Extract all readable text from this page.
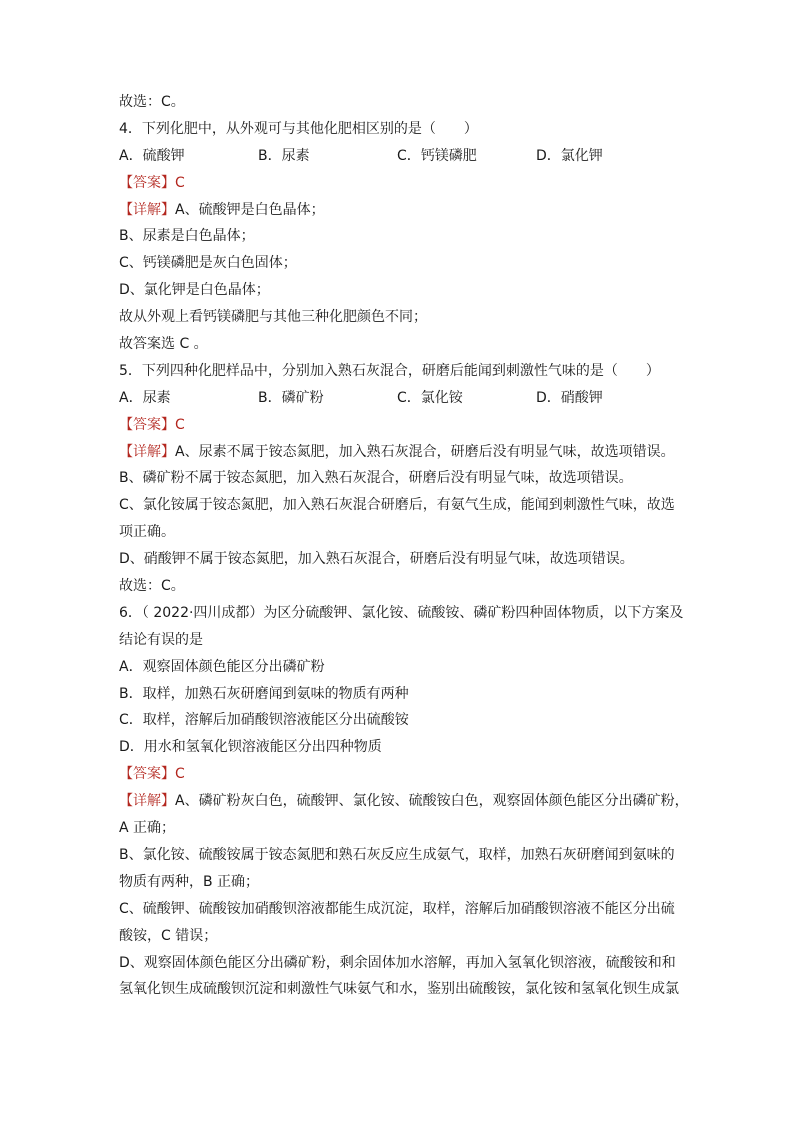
故选：C。
4．下列化肥中，从外观可与其他化肥相区别的是（　　）
A．硫酸钾	B．尿素	C．钙镁磷肥	D．氯化钾
【答案】C
【详解】A、硫酸钾是白色晶体；
B、尿素是白色晶体；
C、钙镁磷肥是灰白色固体；
D、氯化钾是白色晶体；
故从外观上看钙镁磷肥与其他三种化肥颜色不同；
故答案选 C 。
5．下列四种化肥样品中，分别加入熟石灰混合，研磨后能闻到刺激性气味的是（　　）
A．尿素	B．磷矿粉	C．氯化铵	D．硝酸钾
【答案】C
【详解】A、尿素不属于铵态氮肥，加入熟石灰混合，研磨后没有明显气味，故选项错误。
B、磷矿粉不属于铵态氮肥，加入熟石灰混合，研磨后没有明显气味，故选项错误。
C、氯化铵属于铵态氮肥，加入熟石灰混合研磨后，有氨气生成，能闻到刺激性气味，故选
项正确。
D、硝酸钾不属于铵态氮肥，加入熟石灰混合，研磨后没有明显气味，故选项错误。
故选：C。
6．（ 2022·四川成都）为区分硫酸钾、氯化铵、硫酸铵、磷矿粉四种固体物质，以下方案及
结论有误的是
A．观察固体颜色能区分出磷矿粉
B．取样，加熟石灰研磨闻到氨味的物质有两种
C．取样，溶解后加硝酸钡溶液能区分出硫酸铵
D．用水和氢氧化钡溶液能区分出四种物质
【答案】C
【详解】A、磷矿粉灰白色，硫酸钾、氯化铵、硫酸铵白色，观察固体颜色能区分出磷矿粉，
A 正确；
B、氯化铵、硫酸铵属于铵态氮肥和熟石灰反应生成氨气，取样，加熟石灰研磨闻到氨味的
物质有两种，B 正确；
C、硫酸钾、硫酸铵加硝酸钡溶液都能生成沉淀，取样，溶解后加硝酸钡溶液不能区分出硫
酸铵，C 错误；
D、观察固体颜色能区分出磷矿粉，剩余固体加水溶解，再加入氢氧化钡溶液，硫酸铵和和
氢氧化钡生成硫酸钡沉淀和刺激性气味氨气和水，鉴别出硫酸铵，氯化铵和氢氧化钡生成氯
